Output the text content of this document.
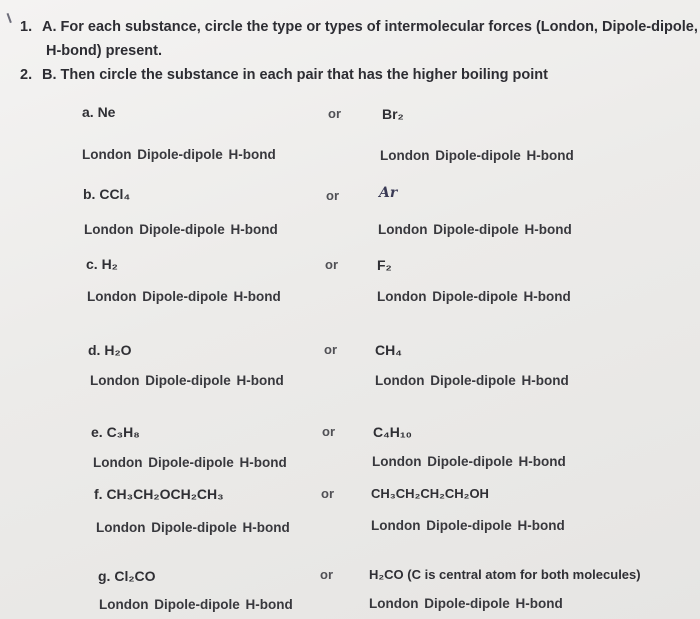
1. A. For each substance, circle the type or types of intermolecular forces (London, Dipole-dipole,
H-bond) present.
2. B. Then circle the substance in each pair that has the higher boiling point
a. Ne	or	Br₂
London Dipole-dipole H-bond	London Dipole-dipole H-bond
b. CCl₄	or	Ar
London Dipole-dipole H-bond	London Dipole-dipole H-bond
c. H₂	or	F₂
London Dipole-dipole H-bond	London Dipole-dipole H-bond
d. H₂O	or	CH₄
London Dipole-dipole H-bond	London Dipole-dipole H-bond
e. C₃H₈	or	C₄H₁₀
London Dipole-dipole H-bond	London Dipole-dipole H-bond
f. CH₃CH₂OCH₂CH₃	or	CH₃CH₂CH₂CH₂OH
London Dipole-dipole H-bond	London Dipole-dipole H-bond
g. Cl₂CO	or	H₂CO (C is central atom for both molecules)
London Dipole-dipole H-bond	London Dipole-dipole H-bond
